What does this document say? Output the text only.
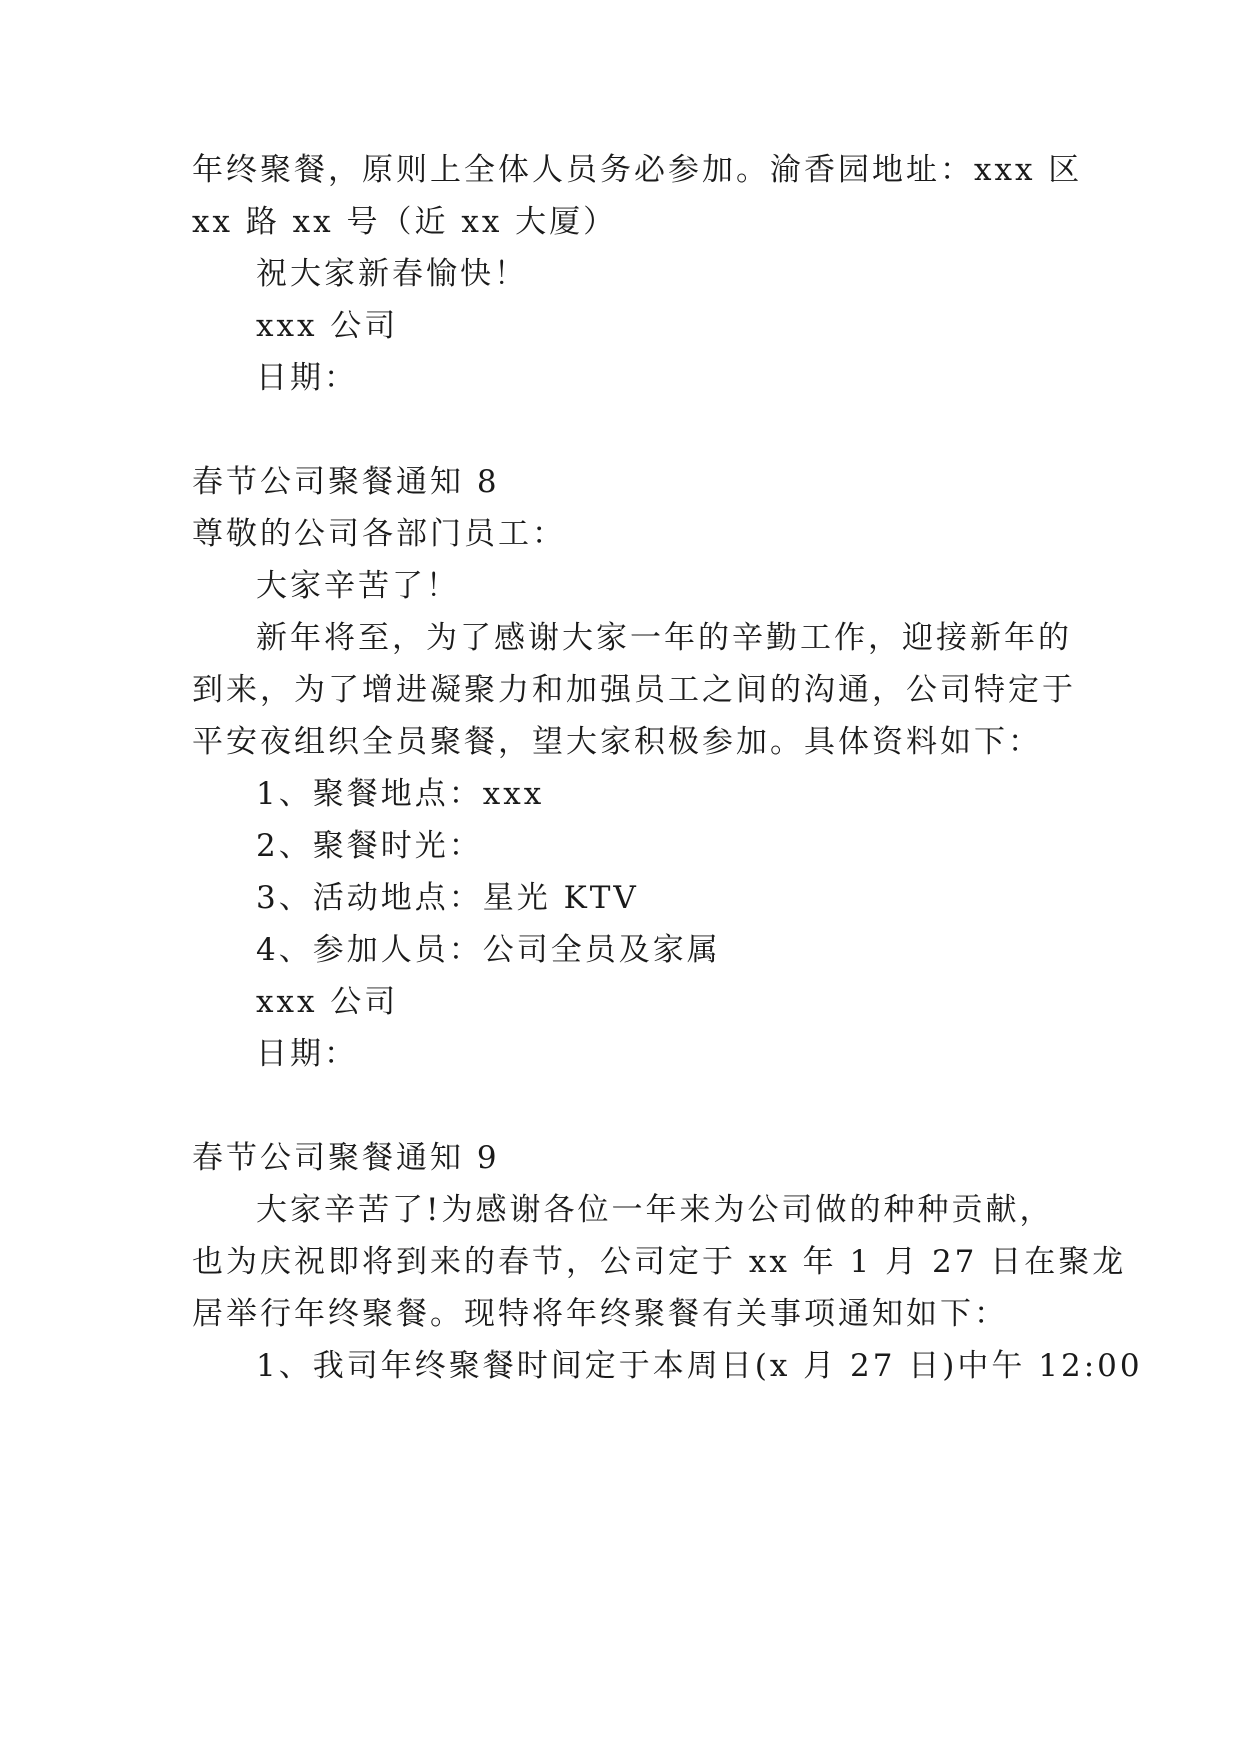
年终聚餐，原则上全体人员务必参加。渝香园地址：xxx 区
xx 路 xx 号（近 xx 大厦）
祝大家新春愉快！
xxx 公司
日期：
春节公司聚餐通知 8
尊敬的公司各部门员工：
大家辛苦了！
新年将至，为了感谢大家一年的辛勤工作，迎接新年的
到来，为了增进凝聚力和加强员工之间的沟通，公司特定于
平安夜组织全员聚餐，望大家积极参加。具体资料如下：
1、聚餐地点：xxx
2、聚餐时光：
3、活动地点：星光 KTV
4、参加人员：公司全员及家属
xxx 公司
日期：
春节公司聚餐通知 9
大家辛苦了!为感谢各位一年来为公司做的种种贡献，
也为庆祝即将到来的春节，公司定于 xx 年 1 月 27 日在聚龙
居举行年终聚餐。现特将年终聚餐有关事项通知如下：
1、我司年终聚餐时间定于本周日(x 月 27 日)中午 12:00
